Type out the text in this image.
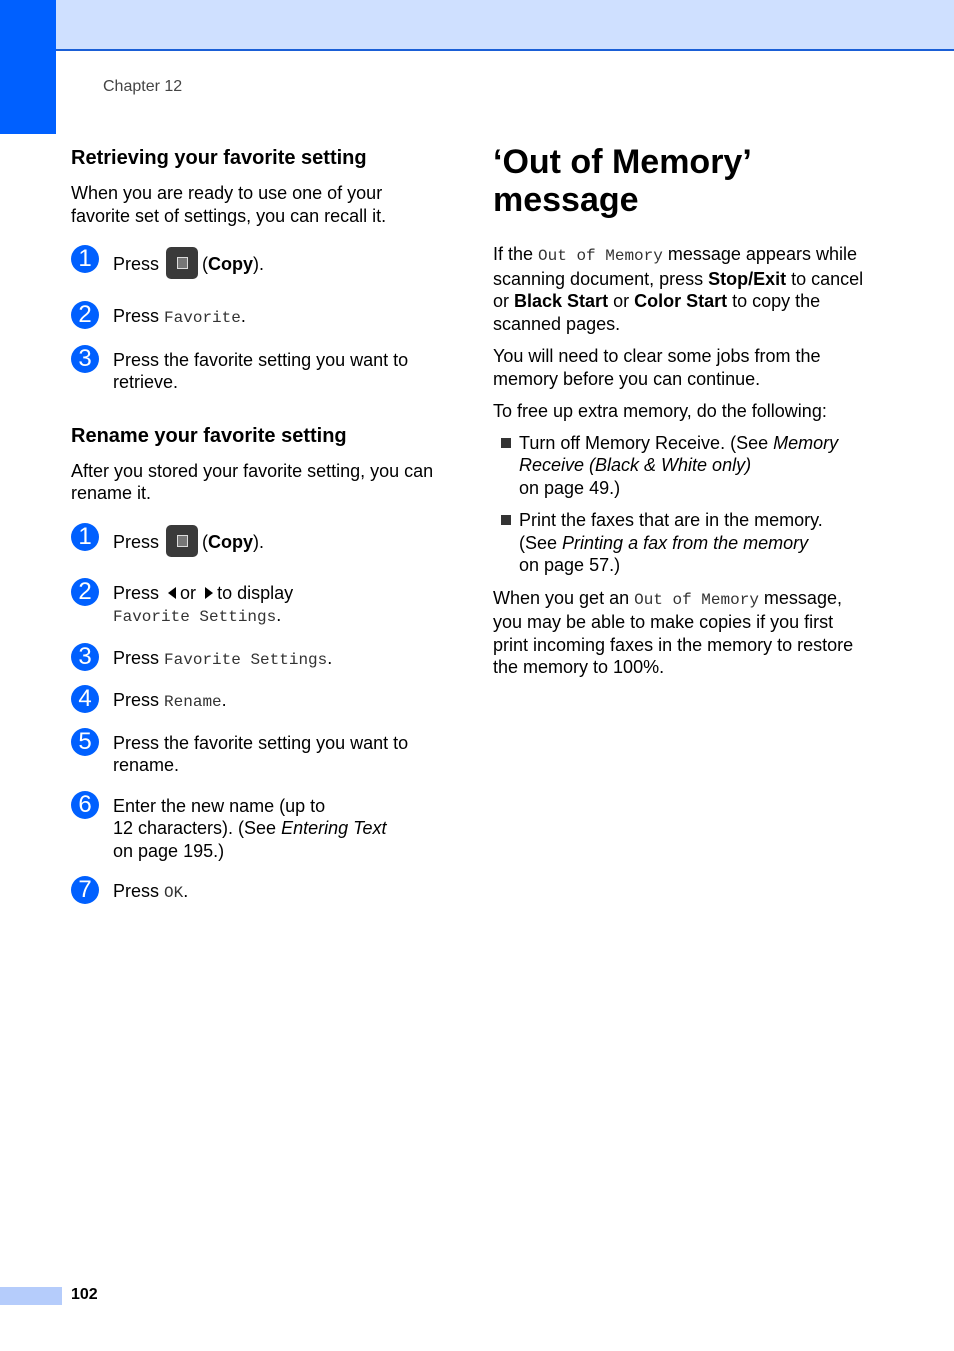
Chapter 12
Retrieving your favorite setting

When you are ready to use one of your favorite set of settings, you can recall it.

1	Press (Copy).
2	Press Favorite.
3	Press the favorite setting you want to retrieve.
Rename your favorite setting

After you stored your favorite setting, you can rename it.

1	Press (Copy).
2	Press or to display
Favorite Settings.
3	Press Favorite Settings.
4	Press Rename.
5	Press the favorite setting you want to rename.
6	Enter the new name (up to
12 characters). (See Entering Text
on page 195.)
7	Press OK.
‘Out of Memory’
message

If the Out of Memory message appears while scanning document, press Stop/Exit to cancel or Black Start or Color Start to copy the scanned pages.

You will need to clear some jobs from the memory before you can continue.

To free up extra memory, do the following:

Turn off Memory Receive. (See Memory Receive (Black & White only)
on page 49.)
Print the faxes that are in the memory. (See Printing a fax from the memory
on page 57.)

When you get an Out of Memory message, you may be able to make copies if you first print incoming faxes in the memory to restore the memory to 100%.

102
